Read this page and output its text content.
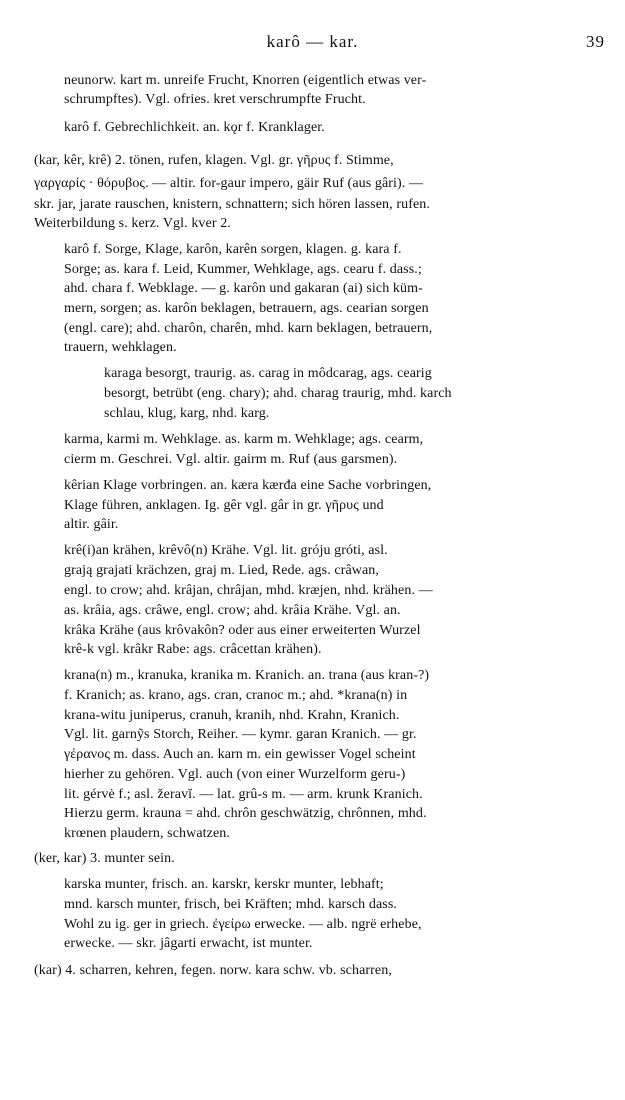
karô — kar.	39
neunorw. kart m. unreife Frucht, Knorren (eigentlich etwas ver-
schrumpftes). Vgl. ofries. kret verschrumpfte Frucht.
karô f. Gebrechlichkeit. an. kǫr f. Kranklager.
(kar, kêr, krê) 2. tönen, rufen, klagen. Vgl. gr. γῆρυς f. Stimme,
γαργαρίς · θόρυβος. — altir. for-gaur impero, gäir Ruf (aus gâri). —
skr. jar, jarate rauschen, knistern, schnattern; sich hören lassen, rufen.
Weiterbildung s. kerz. Vgl. kver 2.
karô f. Sorge, Klage, karôn, karên sorgen, klagen. g. kara f.
Sorge; as. kara f. Leid, Kummer, Wehklage, ags. cearu f. dass.;
ahd. chara f. Webklage. — g. karôn und gakaran (ai) sich küm-
mern, sorgen; as. karôn beklagen, betrauern, ags. cearian sorgen
(engl. care); ahd. charôn, charên, mhd. karn beklagen, betrauern,
trauern, wehklagen.
karaga besorgt, traurig. as. carag in môdcarag, ags. cearig
besorgt, betrübt (eng. chary); ahd. charag traurig, mhd. karch
schlau, klug, karg, nhd. karg.
karma, karmi m. Wehklage. as. karm m. Wehklage; ags. cearm,
cierm m. Geschrei. Vgl. altir. gairm m. Ruf (aus garsmen).
kêrian Klage vorbringen. an. kæra kærđa eine Sache vorbringen,
Klage führen, anklagen. Ig. gêr vgl. gâr in gr. γῆρυς und
altir. gâir.
krê(i)an krähen, krêvô(n) Krähe. Vgl. lit. gróju gróti, asl.
grają grajati krächzen, graj m. Lied, Rede. ags. crâwan,
engl. to crow; ahd. krâjan, chrâjan, mhd. kræjen, nhd. krähen. —
as. krâia, ags. crâwe, engl. crow; ahd. krâia Krähe. Vgl. an.
krâka Krähe (aus krôvakôn? oder aus einer erweiterten Wurzel
krê-k vgl. krâkr Rabe: ags. crâcettan krähen).
krana(n) m., kranuka, kranika m. Kranich. an. trana (aus kran-?)
f. Kranich; as. krano, ags. cran, cranoc m.; ahd. *krana(n) in
krana-witu juniperus, cranuh, kranih, nhd. Krahn, Kranich.
Vgl. lit. garnỹs Storch, Reiher. — kymr. garan Kranich. — gr.
γέρανος m. dass. Auch an. karn m. ein gewisser Vogel scheint
hierher zu gehören. Vgl. auch (von einer Wurzelform geru-)
lit. gérvė f.; asl. žeravĭ. — lat. grû-s m. — arm. krunk Kranich.
Hierzu germ. krauna = ahd. chrôn geschwätzig, chrônnen, mhd.
krœnen plaudern, schwatzen.
(ker, kar) 3. munter sein.
karska munter, frisch. an. karskr, kerskr munter, lebhaft;
mnd. karsch munter, frisch, bei Kräften; mhd. karsch dass.
Wohl zu ig. ger in griech. ἐγείρω erwecke. — alb. ngrë erhebe,
erwecke. — skr. jâgarti erwacht, ist munter.
(kar) 4. scharren, kehren, fegen. norw. kara schw. vb. scharren,
